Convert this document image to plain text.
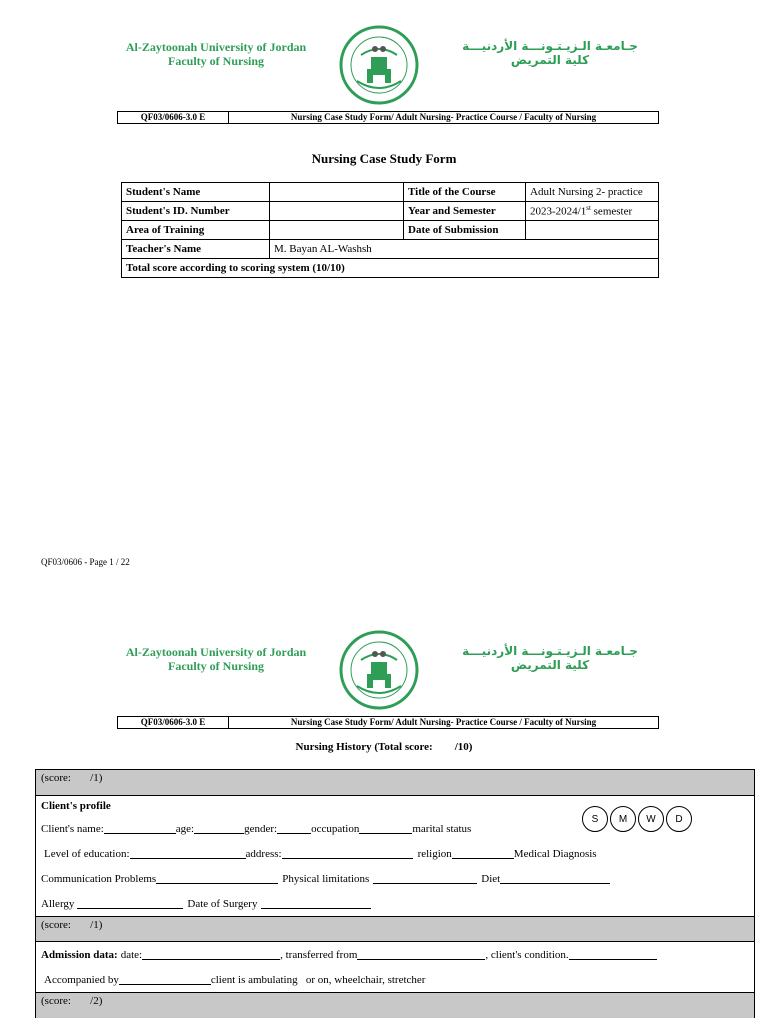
Al-Zaytoonah University of Jordan
Faculty of Nursing
جـامعـة الـزيـتـونـــة الأردنيـــة
كلية التمريض
QF03/0606-3.0 E	Nursing Case Study Form/ Adult Nursing- Practice Course / Faculty of Nursing
Nursing Case Study Form
Student's Name		Title of the Course	Adult Nursing 2- practice
Student's ID. Number		Year and Semester	2023-2024/1st semester
Area of Training		Date of Submission	
Teacher's Name	M. Bayan AL-Washsh		
Total score according to scoring system (10/10)			
QF03/0606 - Page 1 / 22
Al-Zaytoonah University of Jordan
Faculty of Nursing
جـامعـة الـزيـتـونـــة الأردنيـــة
كلية التمريض
QF03/0606-3.0 E	Nursing Case Study Form/ Adult Nursing- Practice Course / Faculty of Nursing
Nursing History (Total score:        /10)
(score:       /1)
Client's profile
Client's name:	age:	gender:	occupation	marital status
Level of education:	address:	religion	Medical Diagnosis
Communication Problems	Physical limitations	Diet
Allergy	Date of Surgery
(score:       /1)
Admission data: date:	, transferred from	, client's condition.
Accompanied by	client is ambulating   or on, wheelchair, stretcher
(score:       /2)
S	M	W	D
